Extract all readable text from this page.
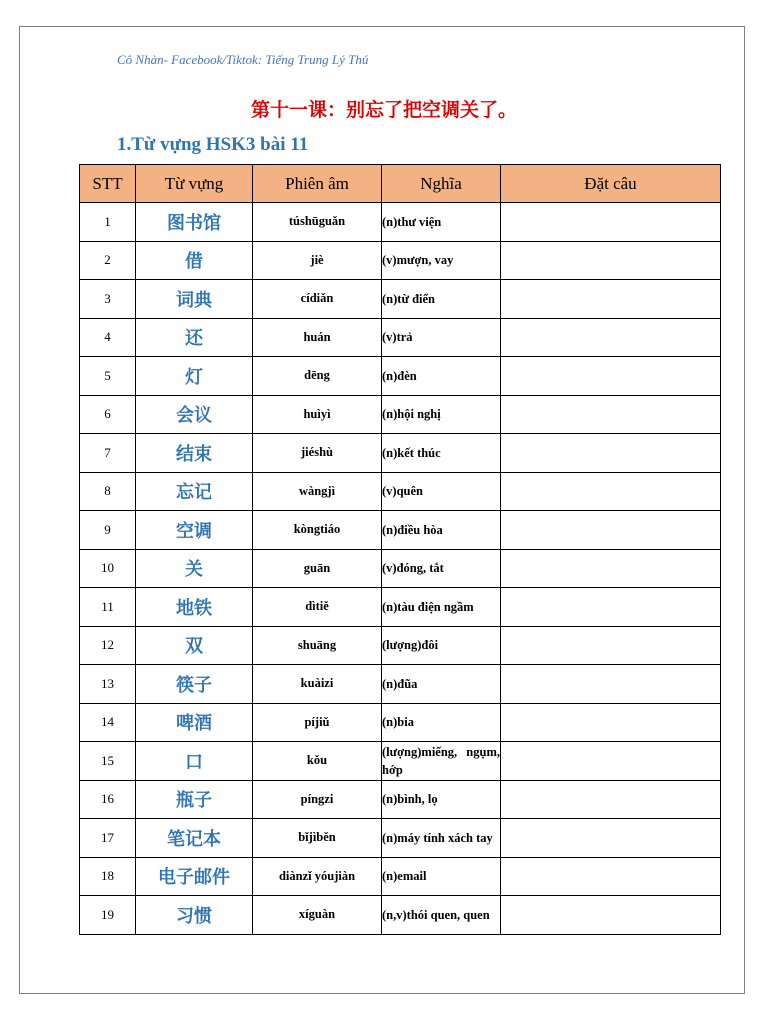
Cô Nhàn- Facebook/Tiktok: Tiếng Trung Lý Thú
第十一课：别忘了把空调关了。
1.Từ vựng HSK3 bài 11
STT	Từ vựng	Phiên âm	Nghĩa	Đặt câu
1	图书馆	túshūguǎn	(n)thư viện	
2	借	jiè	(v)mượn, vay	
3	词典	cídiǎn	(n)từ điển	
4	还	huán	(v)trả	
5	灯	dēng	(n)đèn	
6	会议	huìyì	(n)hội nghị	
7	结束	jiéshù	(n)kết thúc	
8	忘记	wàngjì	(v)quên	
9	空调	kòngtiáo	(n)điều hòa	
10	关	guān	(v)đóng, tắt	
11	地铁	dìtiě	(n)tàu điện ngầm	
12	双	shuāng	(lượng)đôi	
13	筷子	kuàizi	(n)đũa	
14	啤酒	píjiǔ	(n)bia	
15	口	kǒu	(lượng)miếng, ngụm, hớp	
16	瓶子	píngzi	(n)bình, lọ	
17	笔记本	bǐjìběn	(n)máy tính xách tay	
18	电子邮件	diànzǐ yóujiàn	(n)email	
19	习惯	xíguàn	(n,v)thói quen, quen	
